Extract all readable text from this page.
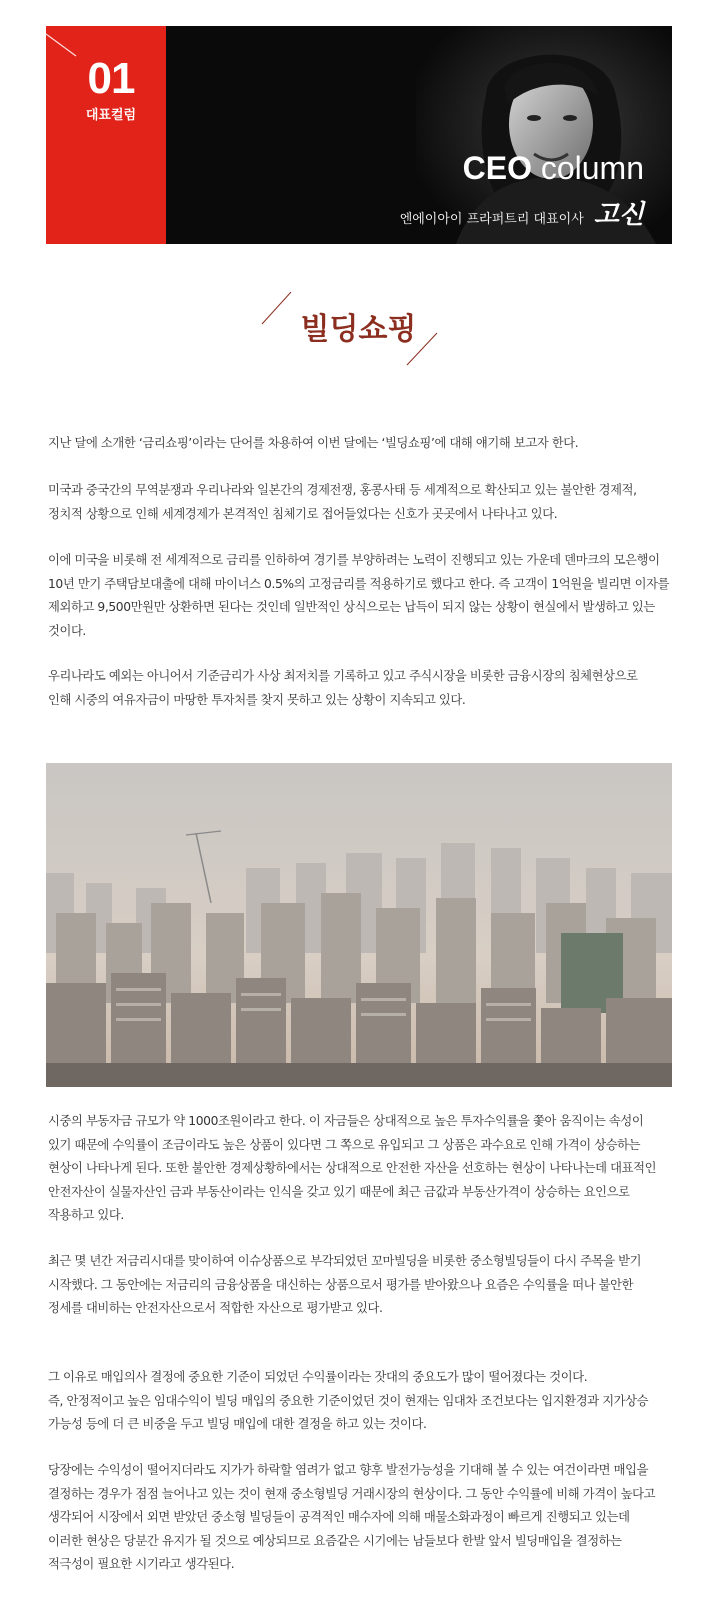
01
대표컬럼
CEO column
엔에이아이 프라퍼트리 대표이사 고신
빌딩쇼핑

지난 달에 소개한 ‘금리쇼핑’이라는 단어를 차용하여 이번 달에는 ‘빌딩쇼핑’에 대해 얘기해 보고자 한다.

미국과 중국간의 무역분쟁과 우리나라와 일본간의 경제전쟁, 홍콩사태 등 세계적으로 확산되고 있는 불안한 경제적,
정치적 상황으로 인해 세계경제가 본격적인 침체기로 접어들었다는 신호가 곳곳에서 나타나고 있다.

이에 미국을 비롯해 전 세계적으로 금리를 인하하여 경기를 부양하려는 노력이 진행되고 있는 가운데 덴마크의 모은행이
10년 만기 주택담보대출에 대해 마이너스 0.5%의 고정금리를 적용하기로 했다고 한다. 즉 고객이 1억원을 빌리면 이자를
제외하고 9,500만원만 상환하면 된다는 것인데 일반적인 상식으로는 납득이 되지 않는 상황이 현실에서 발생하고 있는
것이다.

우리나라도 예외는 아니어서 기준금리가 사상 최저치를 기록하고 있고 주식시장을 비롯한 금융시장의 침체현상으로
인해 시중의 여유자금이 마땅한 투자처를 찾지 못하고 있는 상황이 지속되고 있다.

시중의 부동자금 규모가 약 1000조원이라고 한다. 이 자금들은 상대적으로 높은 투자수익률을 쫓아 움직이는 속성이
있기 때문에 수익률이 조금이라도 높은 상품이 있다면 그 쪽으로 유입되고 그 상품은 과수요로 인해 가격이 상승하는
현상이 나타나게 된다. 또한 불안한 경제상황하에서는 상대적으로 안전한 자산을 선호하는 현상이 나타나는데 대표적인
안전자산이 실물자산인 금과 부동산이라는 인식을 갖고 있기 때문에 최근 금값과 부동산가격이 상승하는 요인으로
작용하고 있다.

최근 몇 년간 저금리시대를 맞이하여 이슈상품으로 부각되었던 꼬마빌딩을 비롯한 중소형빌딩들이 다시 주목을 받기
시작했다. 그 동안에는 저금리의 금융상품을 대신하는 상품으로서 평가를 받아왔으나 요즘은 수익률을 떠나 불안한
정세를 대비하는 안전자산으로서 적합한 자산으로 평가받고 있다.

그 이유로 매입의사 결정에 중요한 기준이 되었던 수익률이라는 잣대의 중요도가 많이 떨어졌다는 것이다.
즉, 안정적이고 높은 임대수익이 빌딩 매입의 중요한 기준이었던 것이 현재는 임대차 조건보다는 입지환경과 지가상승
가능성 등에 더 큰 비중을 두고 빌딩 매입에 대한 결정을 하고 있는 것이다.

당장에는 수익성이 떨어지더라도 지가가 하락할 염려가 없고 향후 발전가능성을 기대해 볼 수 있는 여건이라면 매입을
결정하는 경우가 점점 늘어나고 있는 것이 현재 중소형빌딩 거래시장의 현상이다. 그 동안 수익률에 비해 가격이 높다고
생각되어 시장에서 외면 받았던 중소형 빌딩들이 공격적인 매수자에 의해 매물소화과정이 빠르게 진행되고 있는데
이러한 현상은 당분간 유지가 될 것으로 예상되므로 요즘같은 시기에는 남들보다 한발 앞서 빌딩매입을 결정하는
적극성이 필요한 시기라고 생각된다.
